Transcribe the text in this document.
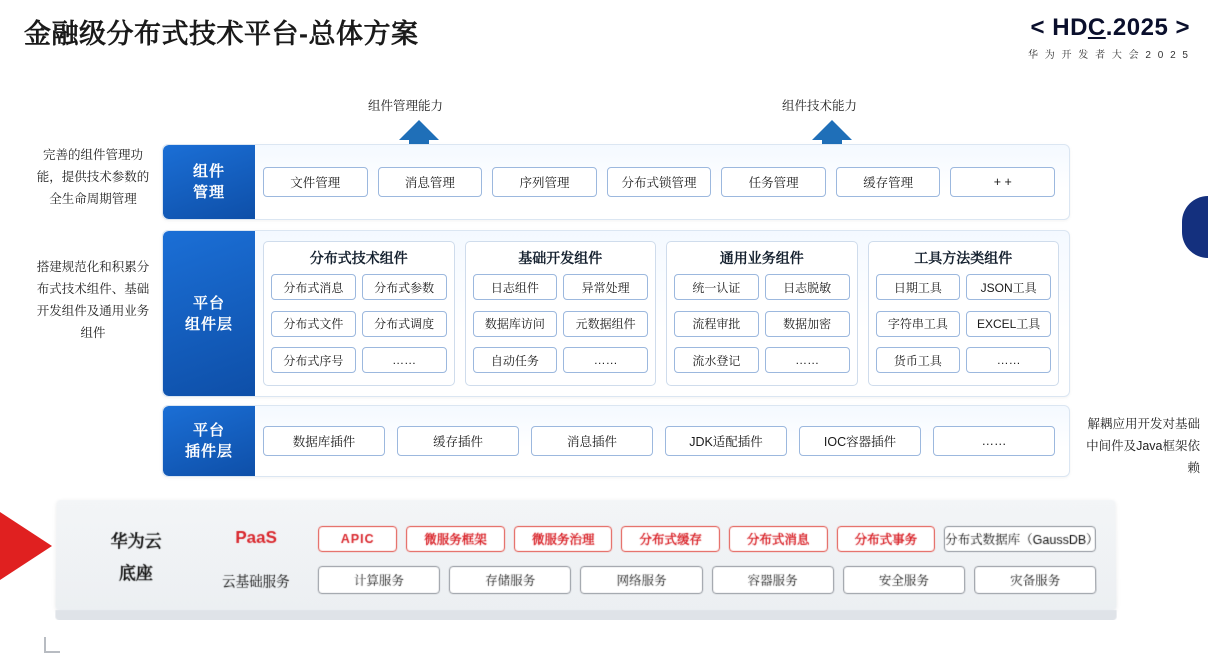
金融级分布式技术平台-总体方案	< HDC.2025 >
华 为 开 发 者 大 会 2 0 2 5
组件管理能力	组件技术能力
完善的组件管理功能，提供技术参数的全生命周期管理
搭建规范化和积累分布式技术组件、基础开发组件及通用业务组件
解耦应用开发对基础中间件及Java框架依赖
组件
管理
文件管理	消息管理	序列管理	分布式锁管理	任务管理	缓存管理	+ +
平台
组件层
分布式技术组件
分布式消息	分布式参数
分布式文件	分布式调度
分布式序号	……
基础开发组件
日志组件	异常处理
数据库访问	元数据组件
自动任务	……
通用业务组件
统一认证	日志脱敏
流程审批	数据加密
流水登记	……
工具方法类组件
日期工具	JSON工具
字符串工具	EXCEL工具
货币工具	……
平台
插件层
数据库插件	缓存插件	消息插件	JDK适配插件	IOC容器插件	……
华为云
底座
PaaS
云基础服务
APIC	微服务框架	微服务治理	分布式缓存	分布式消息	分布式事务	分布式数据库（GaussDB）
计算服务	存储服务	网络服务	容器服务	安全服务	灾备服务
